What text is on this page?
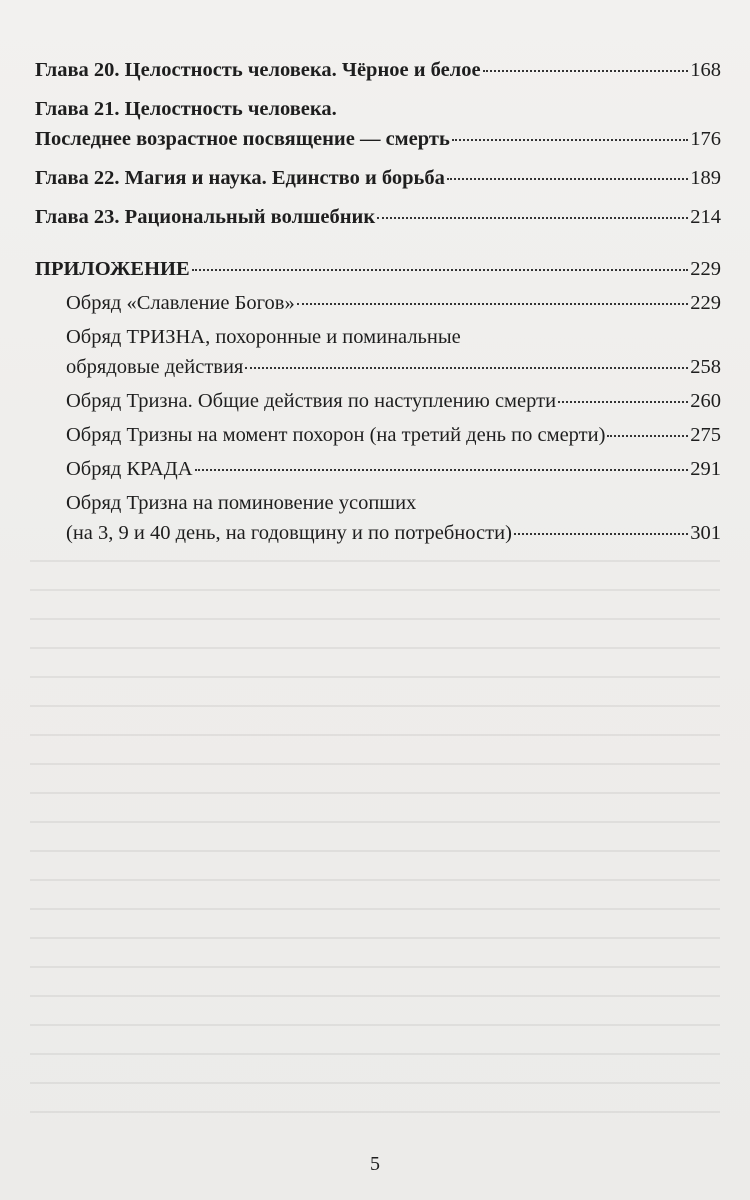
Глава 20. Целостность человека. Чёрное и белое	168
Глава 21. Целостность человека.
Последнее возрастное посвящение — смерть	176
Глава 22. Магия и наука. Единство и борьба	189
Глава 23. Рациональный волшебник	214
ПРИЛОЖЕНИЕ	229
Обряд «Славление Богов»	229
Обряд ТРИЗНА, похоронные и поминальные
обрядовые действия	258
Обряд Тризна. Общие действия по наступлению смерти	260
Обряд Тризны на момент похорон (на третий день по смерти)	275
Обряд КРАДА	291
Обряд Тризна на поминовение усопших
(на 3, 9 и 40 день, на годовщину и по потребности)	301
5
